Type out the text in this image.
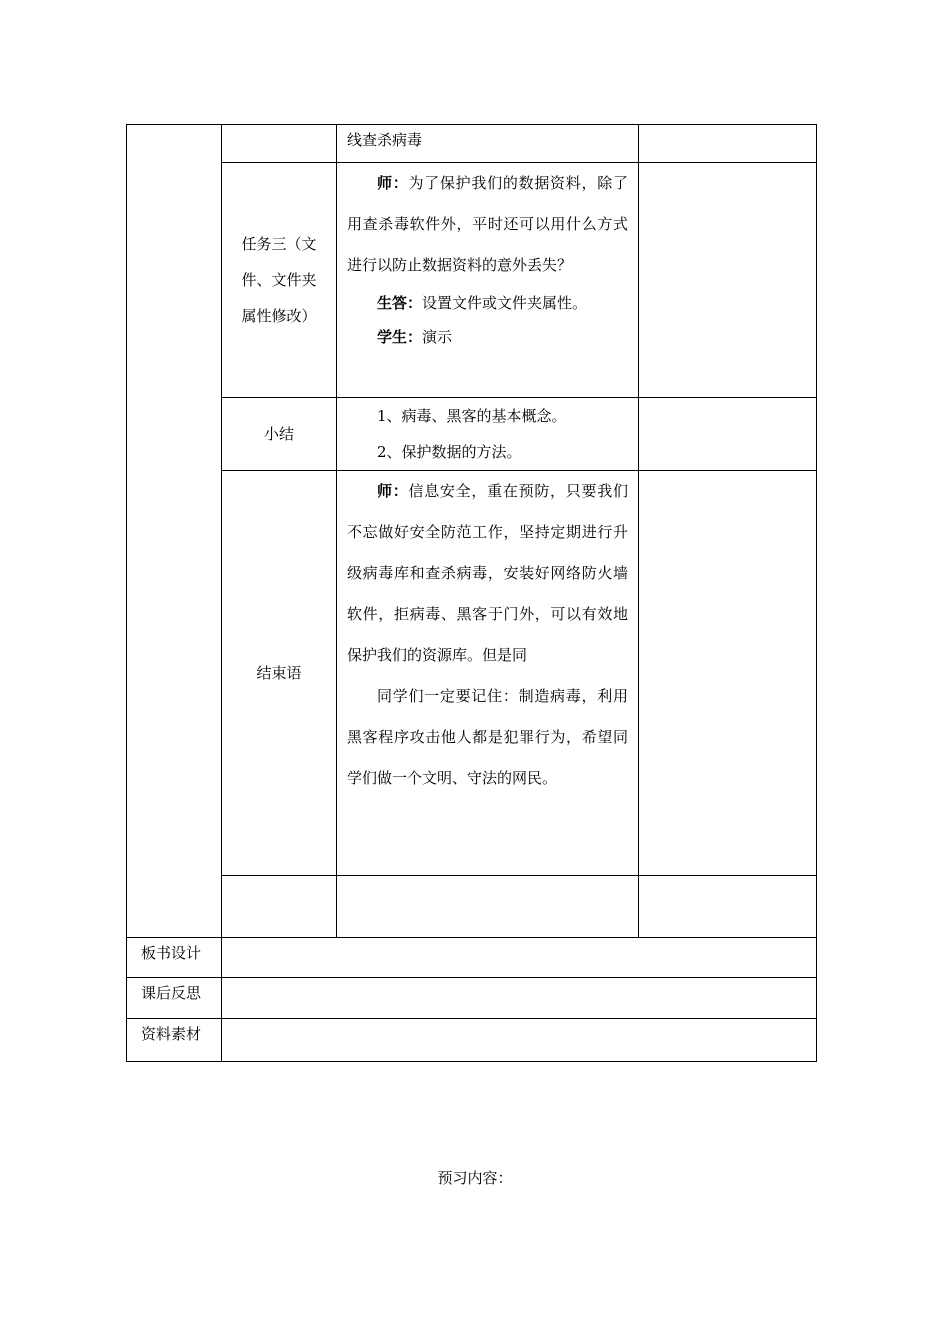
		线查杀病毒	

	任务三（文件、文件夹属性修改）	师：为了保护我们的数据资料，除了用查杀毒软件外，平时还可以用什么方式进行以防止数据资料的意外丢失？

生答：设置文件或文件夹属性。

学生：演示	

	小结	1、病毒、黑客的基本概念。

2、保护数据的方法。	

	结束语	师：信息安全，重在预防，只要我们不忘做好安全防范工作，坚持定期进行升级病毒库和查杀病毒，安装好网络防火墙软件，拒病毒、黑客于门外，可以有效地保护我们的资源库。但是同

同学们一定要记住：制造病毒，利用黑客程序攻击他人都是犯罪行为，希望同学们做一个文明、守法的网民。	

板书设计			
课后反思			
资料素材			
预习内容：
